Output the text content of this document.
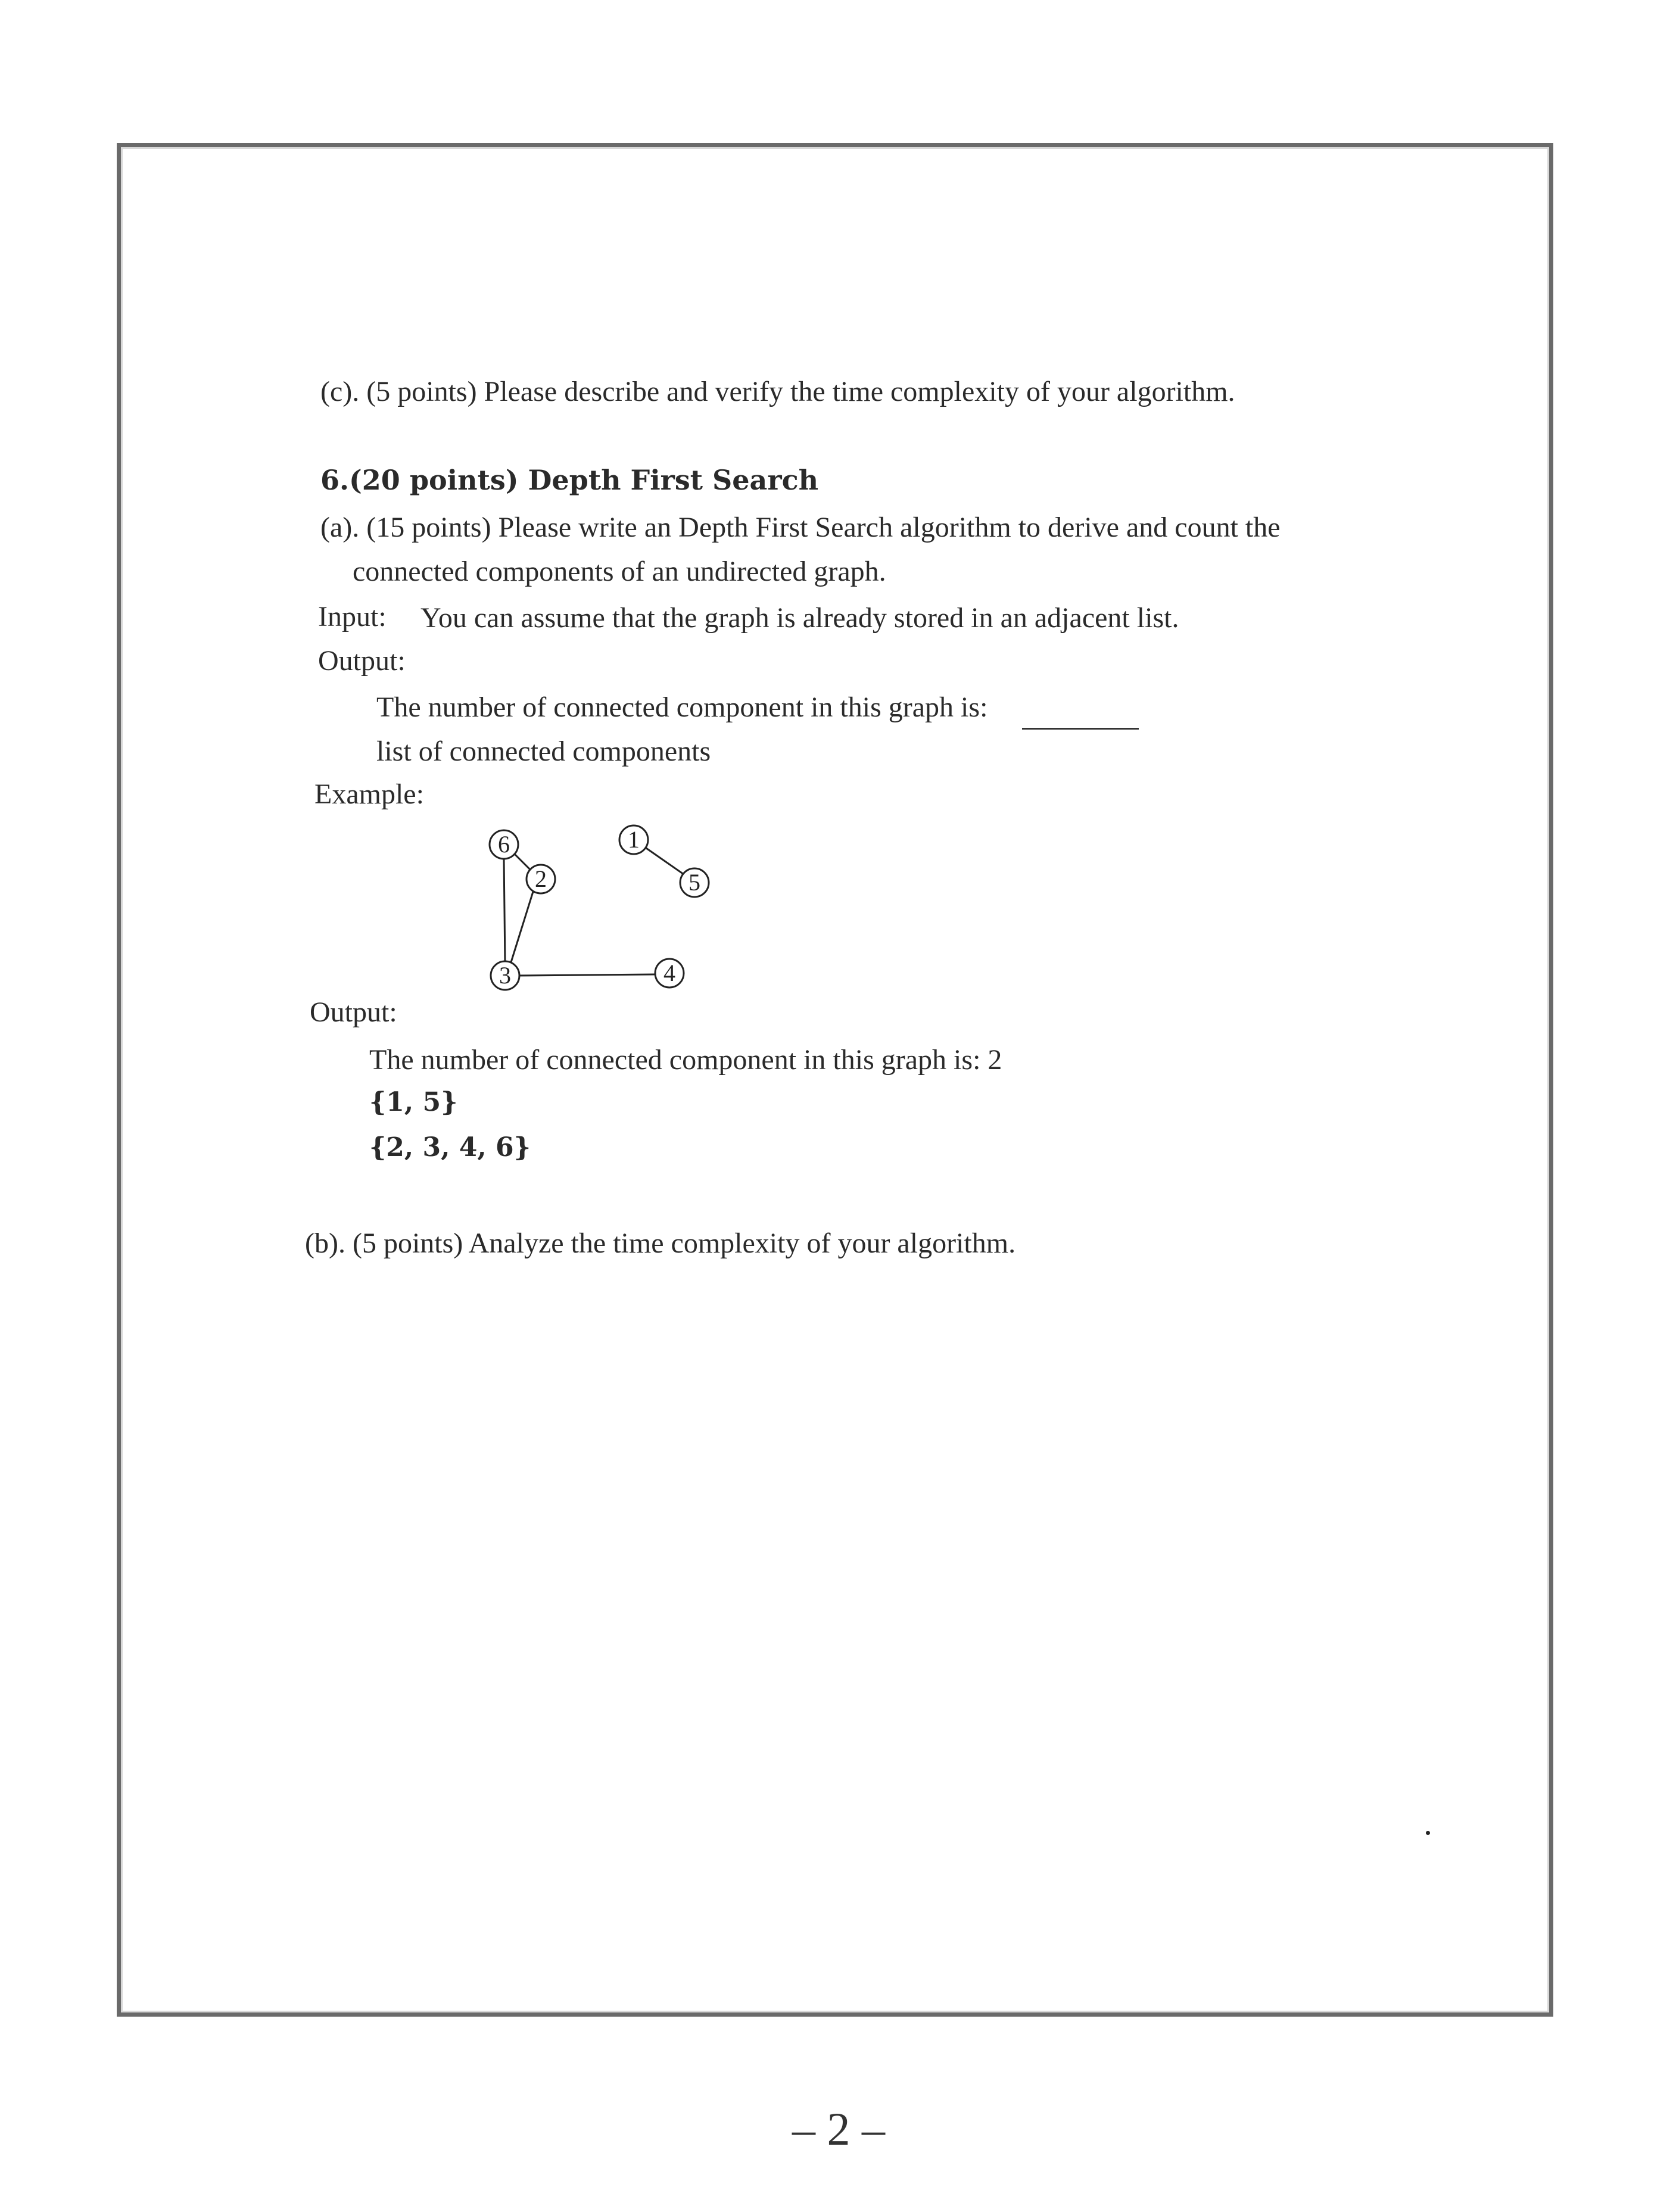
(c). (5 points) Please describe and verify the time complexity of your algorithm.
6.(20 points) Depth First Search
(a). (15 points) Please write an Depth First Search algorithm to derive and count the
connected components of an undirected graph.
Input: You can assume that the graph is already stored in an adjacent list.
Output:
The number of connected component in this graph is:
list of connected components
Example:
6
2
3
1
5
4
Output:
The number of connected component in this graph is: 2
{1, 5}
{2, 3, 4, 6}
(b). (5 points) Analyze the time complexity of your algorithm.
– 2 –
